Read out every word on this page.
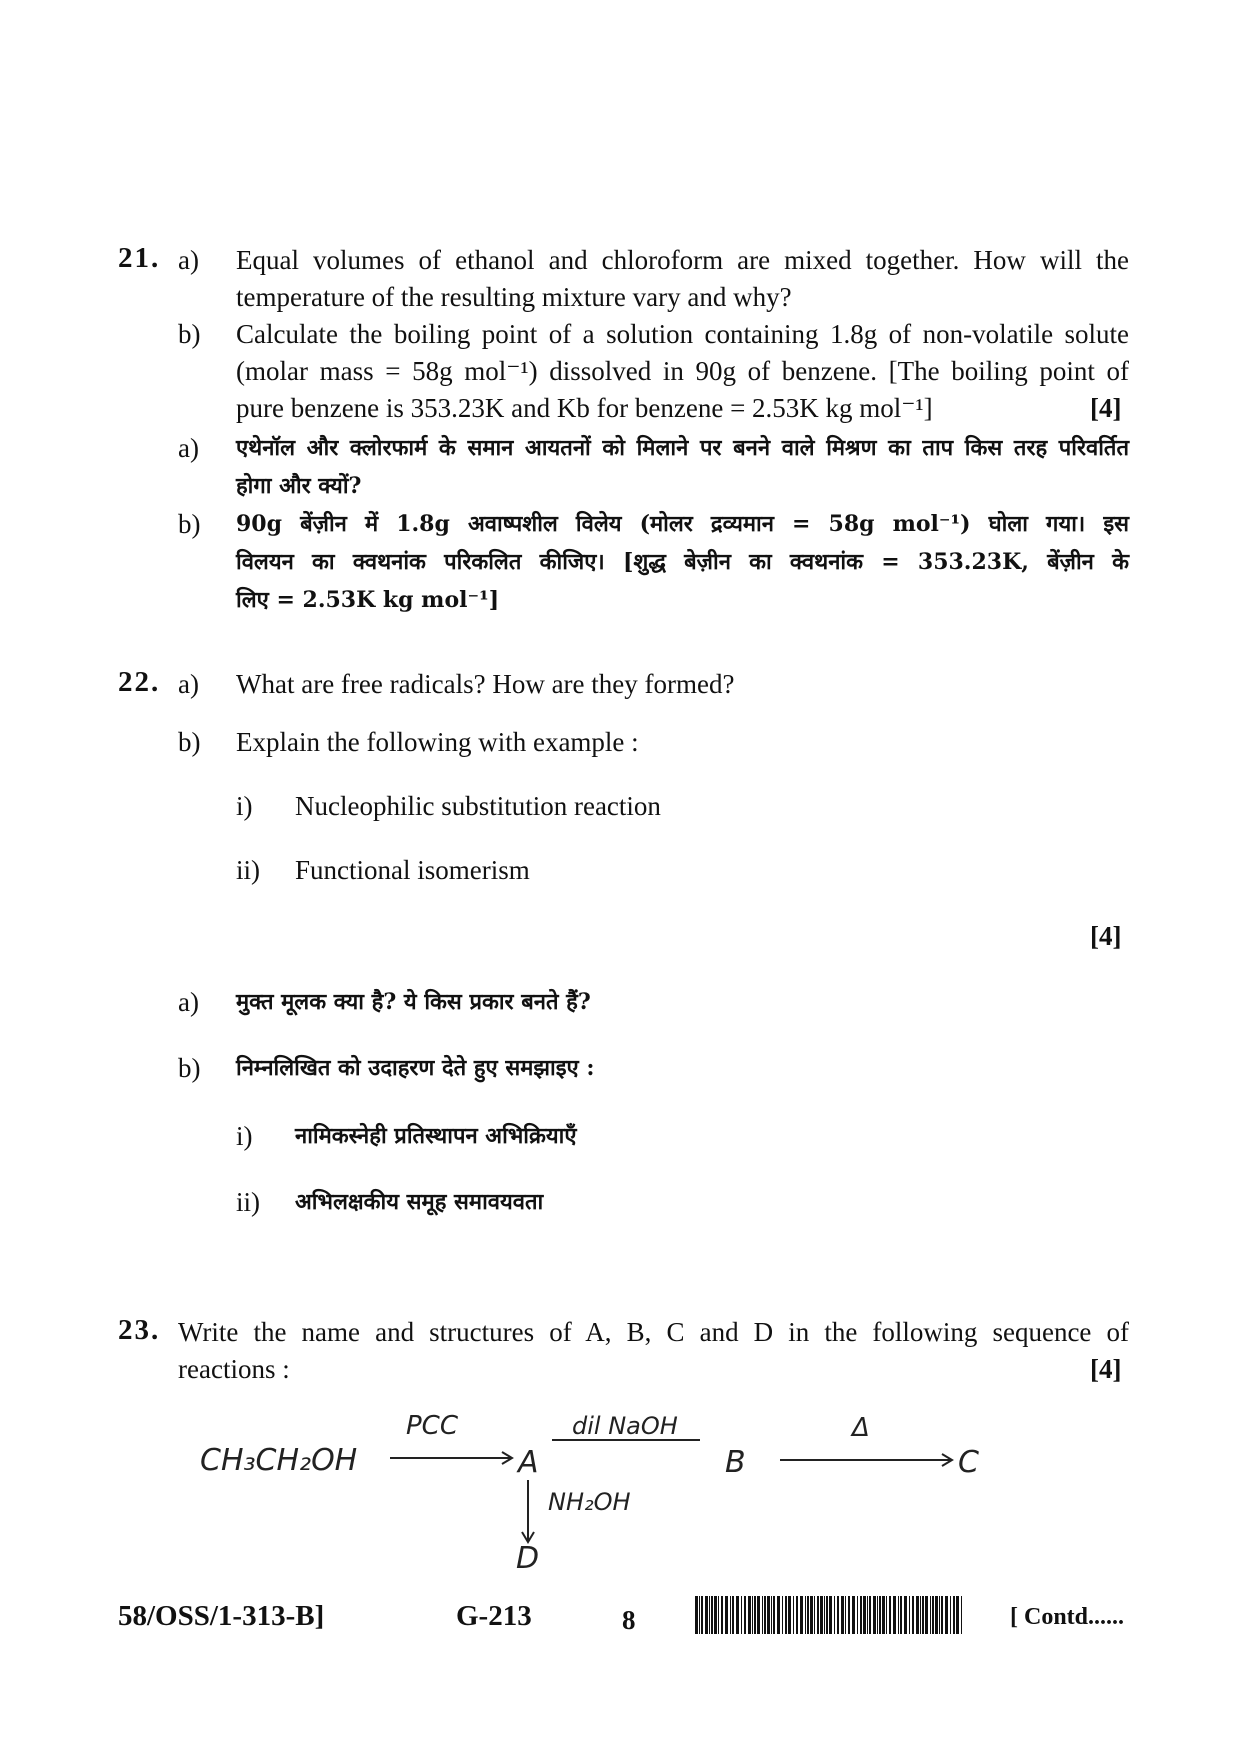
21. a) Equal volumes of ethanol and chloroform are mixed together. How will the
temperature of the resulting mixture vary and why?
b) Calculate the boiling point of a solution containing 1.8g of non-volatile solute
(molar mass = 58g mol⁻¹) dissolved in 90g of benzene. [The boiling point of
pure benzene is 353.23K and Kb for benzene = 2.53K kg mol⁻¹]	[4]
a) एथेनॉल और क्लोरफार्म के समान आयतनों को मिलाने पर बनने वाले मिश्रण का ताप किस तरह परिवर्तित
होगा और क्यों?
b) 90g बेंज़ीन में 1.8g अवाष्पशील विलेय (मोलर द्रव्यमान = 58g mol⁻¹) घोला गया। इस
विलयन का क्वथनांक परिकलित कीजिए। [शुद्ध बेज़ीन का क्वथनांक = 353.23K, बेंज़ीन के
लिए = 2.53K kg mol⁻¹]
22. a) What are free radicals? How are they formed?
b) Explain the following with example :
i) Nucleophilic substitution reaction
ii) Functional isomerism
[4]
a) मुक्त मूलक क्या है? ये किस प्रकार बनते हैं?
b) निम्नलिखित को उदाहरण देते हुए समझाइए :
i) नामिकस्नेही प्रतिस्थापन अभिक्रियाएँ
ii) अभिलक्षकीय समूह समावयवता
23. Write the name and structures of A, B, C and D in the following sequence of
reactions :	[4]
CH₃CH₂OH
PCC
A
dil NaOH
B
Δ
C
NH₂OH
D
58/OSS/1-313-B]	G-213	8	[ Contd......
